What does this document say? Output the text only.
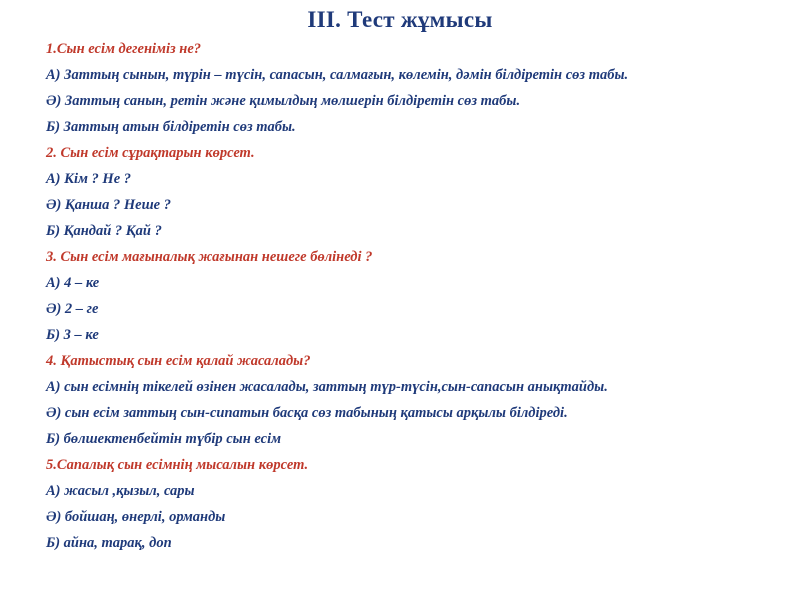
III. Тест жұмысы
1.Сын есім дегеніміз не?
А) Заттың сынын, түрін – түсін, сапасын, салмағын, көлемін, дәмін білдіретін сөз табы.
Ә) Заттың санын, ретін және қимылдың мөлшерін білдіретін сөз табы.
Б) Заттың атын білдіретін сөз табы.
2. Сын есім сұрақтарын көрсет.
А) Кім ? Не ?
Ә) Қанша ? Неше ?
Б) Қандай ? Қай ?
3. Сын есім мағыналық жағынан нешеге бөлінеді ?
А) 4 – ке
Ә) 2 – ге
Б) 3 – ке
4. Қатыстық сын есім қалай жасалады?
А) сын есімнің тікелей өзінен жасалады, заттың түр-түсін,сын-сапасын анықтайды.
Ә) сын есім заттың сын-сипатын басқа сөз табының қатысы арқылы білдіреді.
Б) бөлшектенбейтін түбір сын есім
5.Сапалық сын есімнің мысалын көрсет.
А) жасыл ,қызыл, сары
Ә) бойшаң, өнерлі, орманды
Б) айна, тарақ, доп
